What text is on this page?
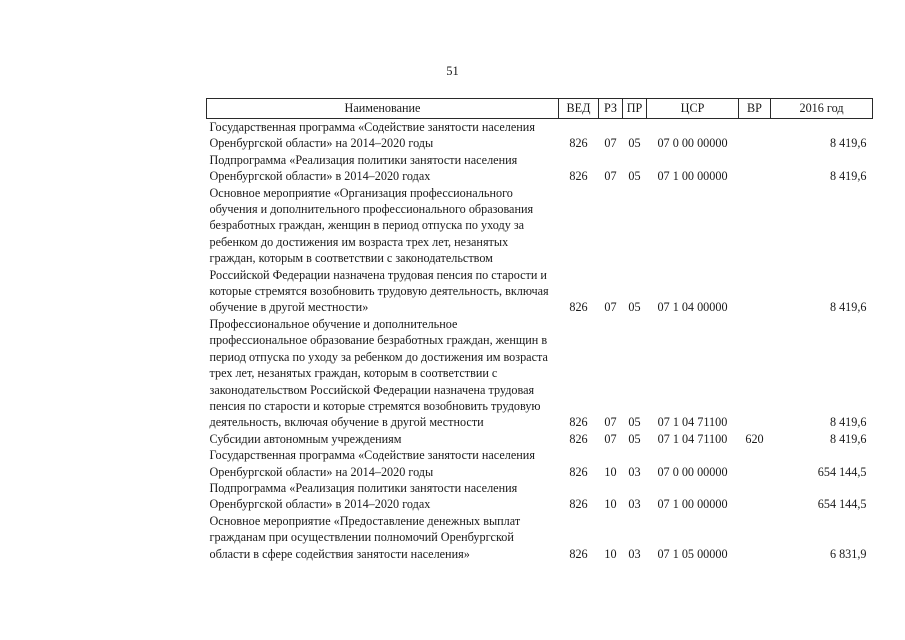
51
Наименование	ВЕД	РЗ	ПР	ЦСР	ВР	2016 год
Государственная программа «Содействие занятости населения Оренбургской области» на 2014–2020 годы	826	07	05	07 0 00 00000		8 419,6
Подпрограмма «Реализация политики занятости населения Оренбургской области» в 2014–2020 годах	826	07	05	07 1 00 00000		8 419,6
Основное мероприятие «Организация профессионального обучения и дополнительного профессионального образования безработных граждан, женщин в период отпуска по уходу за ребенком до достижения им возраста трех лет, незанятых граждан, которым в соответствии с законодательством Российской Федерации назначена трудовая пенсия по старости и которые стремятся возобновить трудовую деятельность, включая обучение в другой местности»	826	07	05	07 1 04 00000		8 419,6
Профессиональное обучение и дополнительное профессиональное образование безработных граждан, женщин в период отпуска по уходу за ребенком до достижения им возраста трех лет, незанятых граждан, которым в соответствии с законодательством Российской Федерации назначена трудовая пенсия по старости и которые стремятся возобновить трудовую деятельность, включая обучение в другой местности	826	07	05	07 1 04 71100		8 419,6
Субсидии автономным учреждениям	826	07	05	07 1 04 71100	620	8 419,6
Государственная программа «Содействие занятости населения Оренбургской области» на 2014–2020 годы	826	10	03	07 0 00 00000		654 144,5
Подпрограмма «Реализация политики занятости населения Оренбургской области» в 2014–2020 годах	826	10	03	07 1 00 00000		654 144,5
Основное мероприятие «Предоставление денежных выплат гражданам при осуществлении полномочий Оренбургской области в сфере содействия занятости населения»	826	10	03	07 1 05 00000		6 831,9
